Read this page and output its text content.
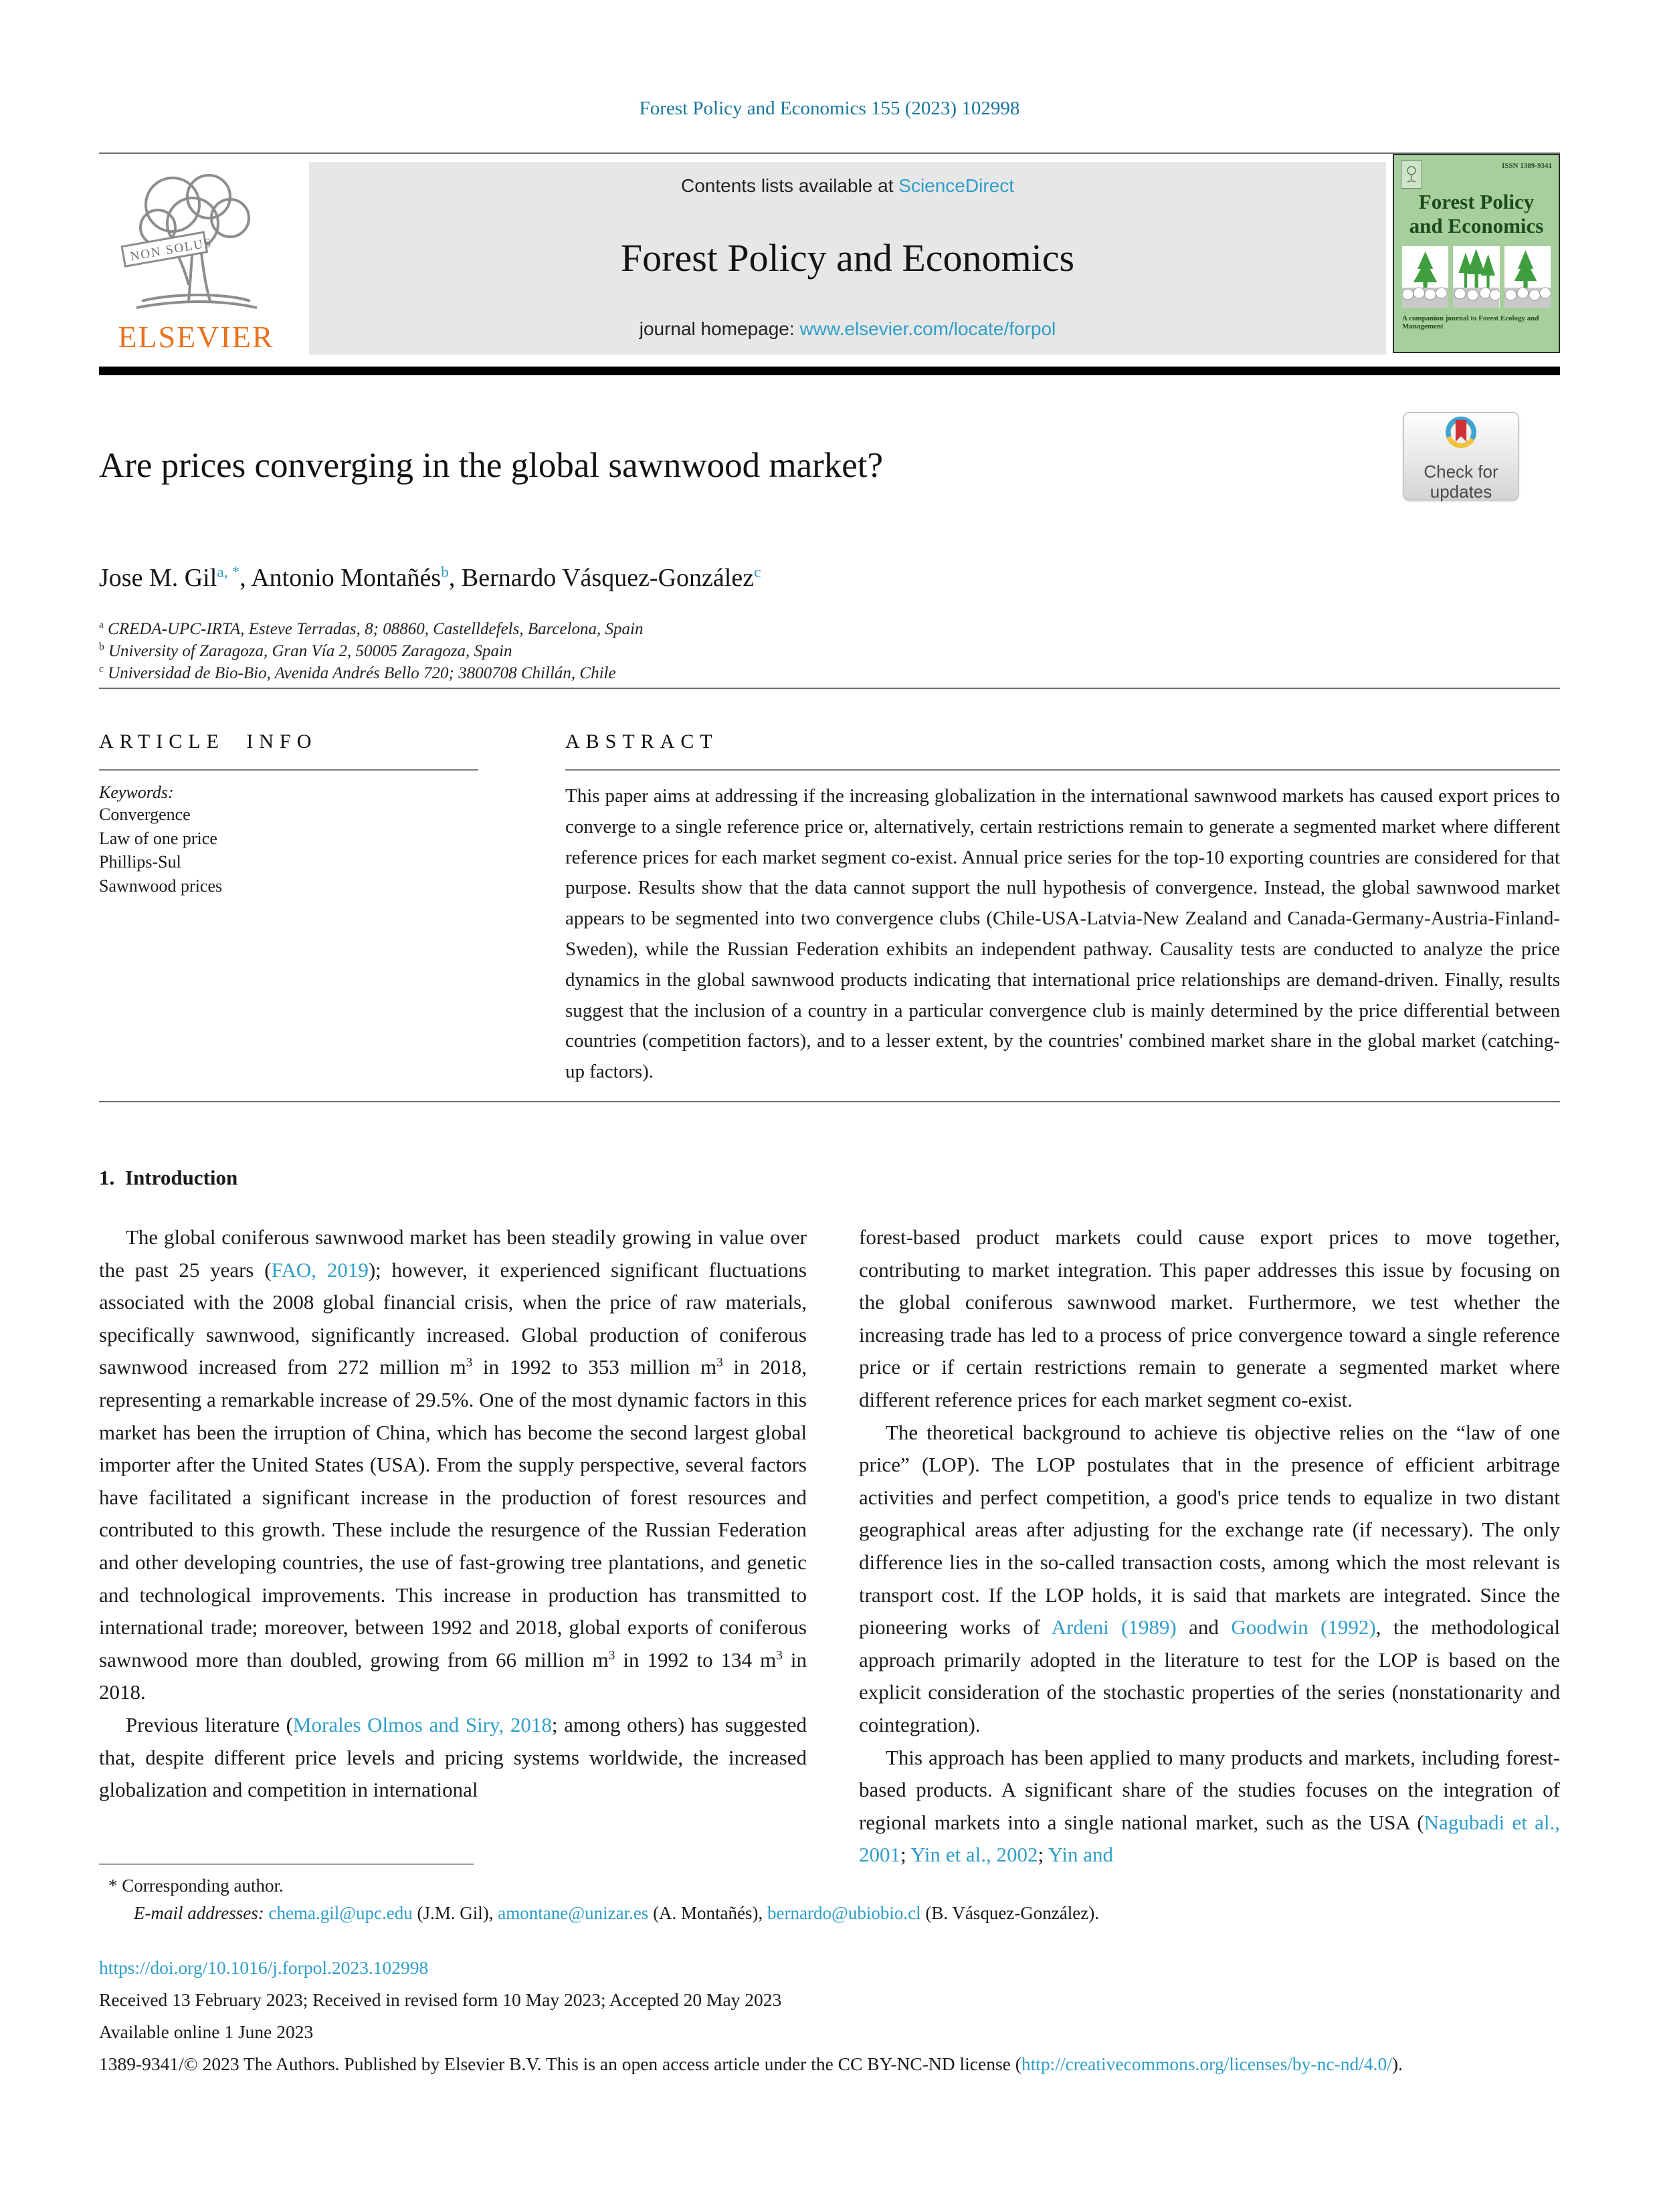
Forest Policy and Economics 155 (2023) 102998
NON SOLUS
ELSEVIER
Contents lists available at ScienceDirect
Forest Policy and Economics
journal homepage: www.elsevier.com/locate/forpol
ISSN 1389-9341
Forest Policy
and Economics
A companion journal to Forest Ecology and Management
Check for
updates
Are prices converging in the global sawnwood market?
Jose M. Gil$^{a, *}$, Antonio Montañés$^b$, Bernardo Vásquez-González$^c$
$^a$ CREDA-UPC-IRTA, Esteve Terradas, 8; 08860, Castelldefels, Barcelona, Spain
$^b$ University of Zaragoza, Gran Vía 2, 50005 Zaragoza, Spain
$^c$ Universidad de Bio-Bio, Avenida Andrés Bello 720; 3800708 Chillán, Chile
ARTICLE INFO
Keywords:
Convergence
Law of one price
Phillips-Sul
Sawnwood prices
ABSTRACT

This paper aims at addressing if the increasing globalization in the international sawnwood markets has caused export prices to converge to a single reference price or, alternatively, certain restrictions remain to generate a segmented market where different reference prices for each market segment co-exist. Annual price series for the top-10 exporting countries are considered for that purpose. Results show that the data cannot support the null hypothesis of convergence. Instead, the global sawnwood market appears to be segmented into two convergence clubs (Chile-USA-Latvia-New Zealand and Canada-Germany-Austria-Finland-Sweden), while the Russian Federation exhibits an independent pathway. Causality tests are conducted to analyze the price dynamics in the global sawnwood products indicating that international price relationships are demand-driven. Finally, results suggest that the inclusion of a country in a particular convergence club is mainly determined by the price differential between countries (competition factors), and to a lesser extent, by the countries' combined market share in the global market (catching-up factors).

1. Introduction

The global coniferous sawnwood market has been steadily growing in value over the past 25 years (FAO, 2019); however, it experienced significant fluctuations associated with the 2008 global financial crisis, when the price of raw materials, specifically sawnwood, significantly increased. Global production of coniferous sawnwood increased from 272 million $m^3$ in 1992 to 353 million $m^3$ in 2018, representing a remarkable increase of 29.5%. One of the most dynamic factors in this market has been the irruption of China, which has become the second largest global importer after the United States (USA). From the supply perspective, several factors have facilitated a significant increase in the production of forest resources and contributed to this growth. These include the resurgence of the Russian Federation and other developing countries, the use of fast-growing tree plantations, and genetic and technological improvements. This increase in production has transmitted to international trade; moreover, between 1992 and 2018, global exports of coniferous sawnwood more than doubled, growing from 66 million $m^3$ in 1992 to 134 $m^3$ in 2018.

Previous literature (Morales Olmos and Siry, 2018; among others) has suggested that, despite different price levels and pricing systems worldwide, the increased globalization and competition in international

forest-based product markets could cause export prices to move together, contributing to market integration. This paper addresses this issue by focusing on the global coniferous sawnwood market. Furthermore, we test whether the increasing trade has led to a process of price convergence toward a single reference price or if certain restrictions remain to generate a segmented market where different reference prices for each market segment co-exist.

The theoretical background to achieve tis objective relies on the “law of one price” (LOP). The LOP postulates that in the presence of efficient arbitrage activities and perfect competition, a good's price tends to equalize in two distant geographical areas after adjusting for the exchange rate (if necessary). The only difference lies in the so-called transaction costs, among which the most relevant is transport cost. If the LOP holds, it is said that markets are integrated. Since the pioneering works of Ardeni (1989) and Goodwin (1992), the methodological approach primarily adopted in the literature to test for the LOP is based on the explicit consideration of the stochastic properties of the series (nonstationarity and cointegration).

This approach has been applied to many products and markets, including forest-based products. A significant share of the studies focuses on the integration of regional markets into a single national market, such as the USA (Nagubadi et al., 2001; Yin et al., 2002; Yin and

* Corresponding author.
E-mail addresses: chema.gil@upc.edu (J.M. Gil), amontane@unizar.es (A. Montañés), bernardo@ubiobio.cl (B. Vásquez-González).
https://doi.org/10.1016/j.forpol.2023.102998
Received 13 February 2023; Received in revised form 10 May 2023; Accepted 20 May 2023
Available online 1 June 2023
1389-9341/© 2023 The Authors. Published by Elsevier B.V. This is an open access article under the CC BY-NC-ND license (http://creativecommons.org/licenses/by-nc-nd/4.0/).
